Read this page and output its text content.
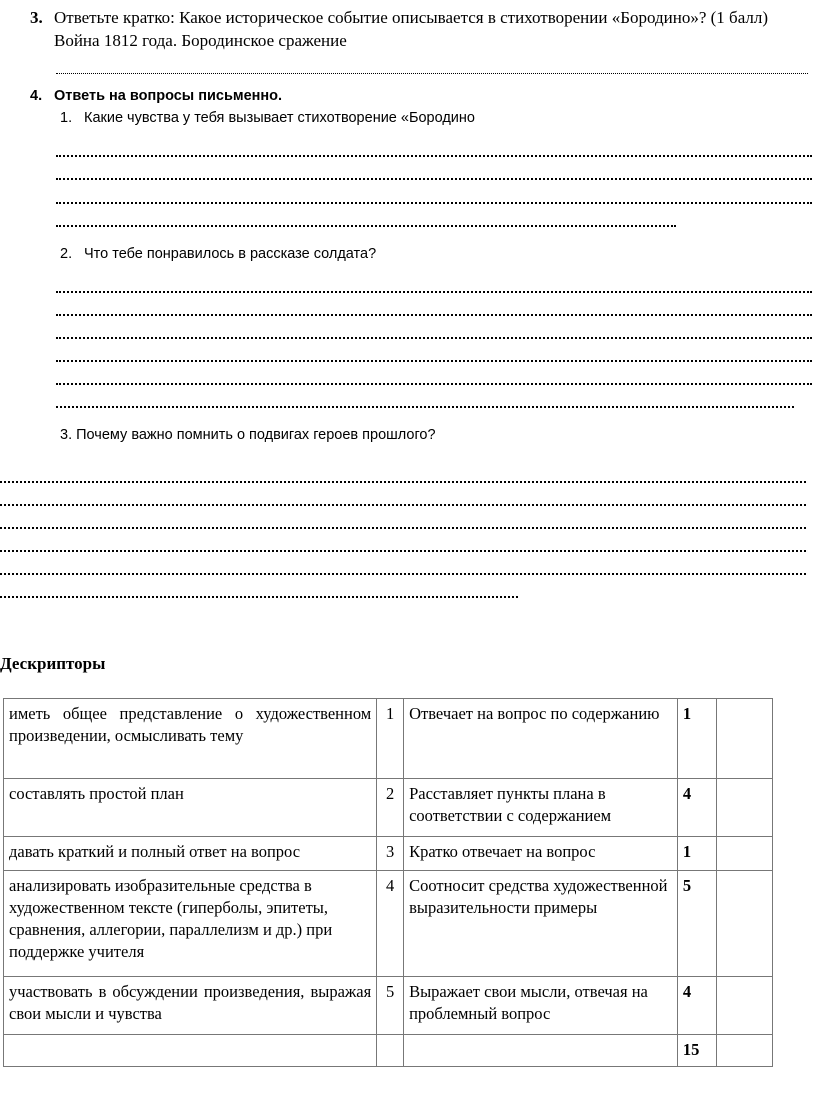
3. Ответьте кратко: Какое историческое событие описывается в стихотворении «Бородино»? (1 балл) Война 1812 года. Бородинское сражение
4. Ответь на вопросы письменно.
1. Какие чувства у тебя вызывает стихотворение «Бородино
2. Что тебе понравилось в рассказе солдата?
3. Почему важно помнить о подвигах героев прошлого?
Дескрипторы
иметь общее представление о художественном произведении, осмысливать тему	1	Отвечает на вопрос по содержанию	1	
составлять простой план	2	Расставляет пункты плана в соответствии с содержанием	4	
давать краткий и полный ответ на вопрос	3	Кратко отвечает на вопрос	1	
анализировать изобразительные средства в художественном тексте (гиперболы, эпитеты, сравнения, аллегории, параллелизм и др.) при поддержке учителя	4	Соотносит средства художественной выразительности примеры	5	
участвовать в обсуждении произведения, выражая свои мысли и чувства	5	Выражает свои мысли, отвечая на проблемный вопрос	4	
			15	
